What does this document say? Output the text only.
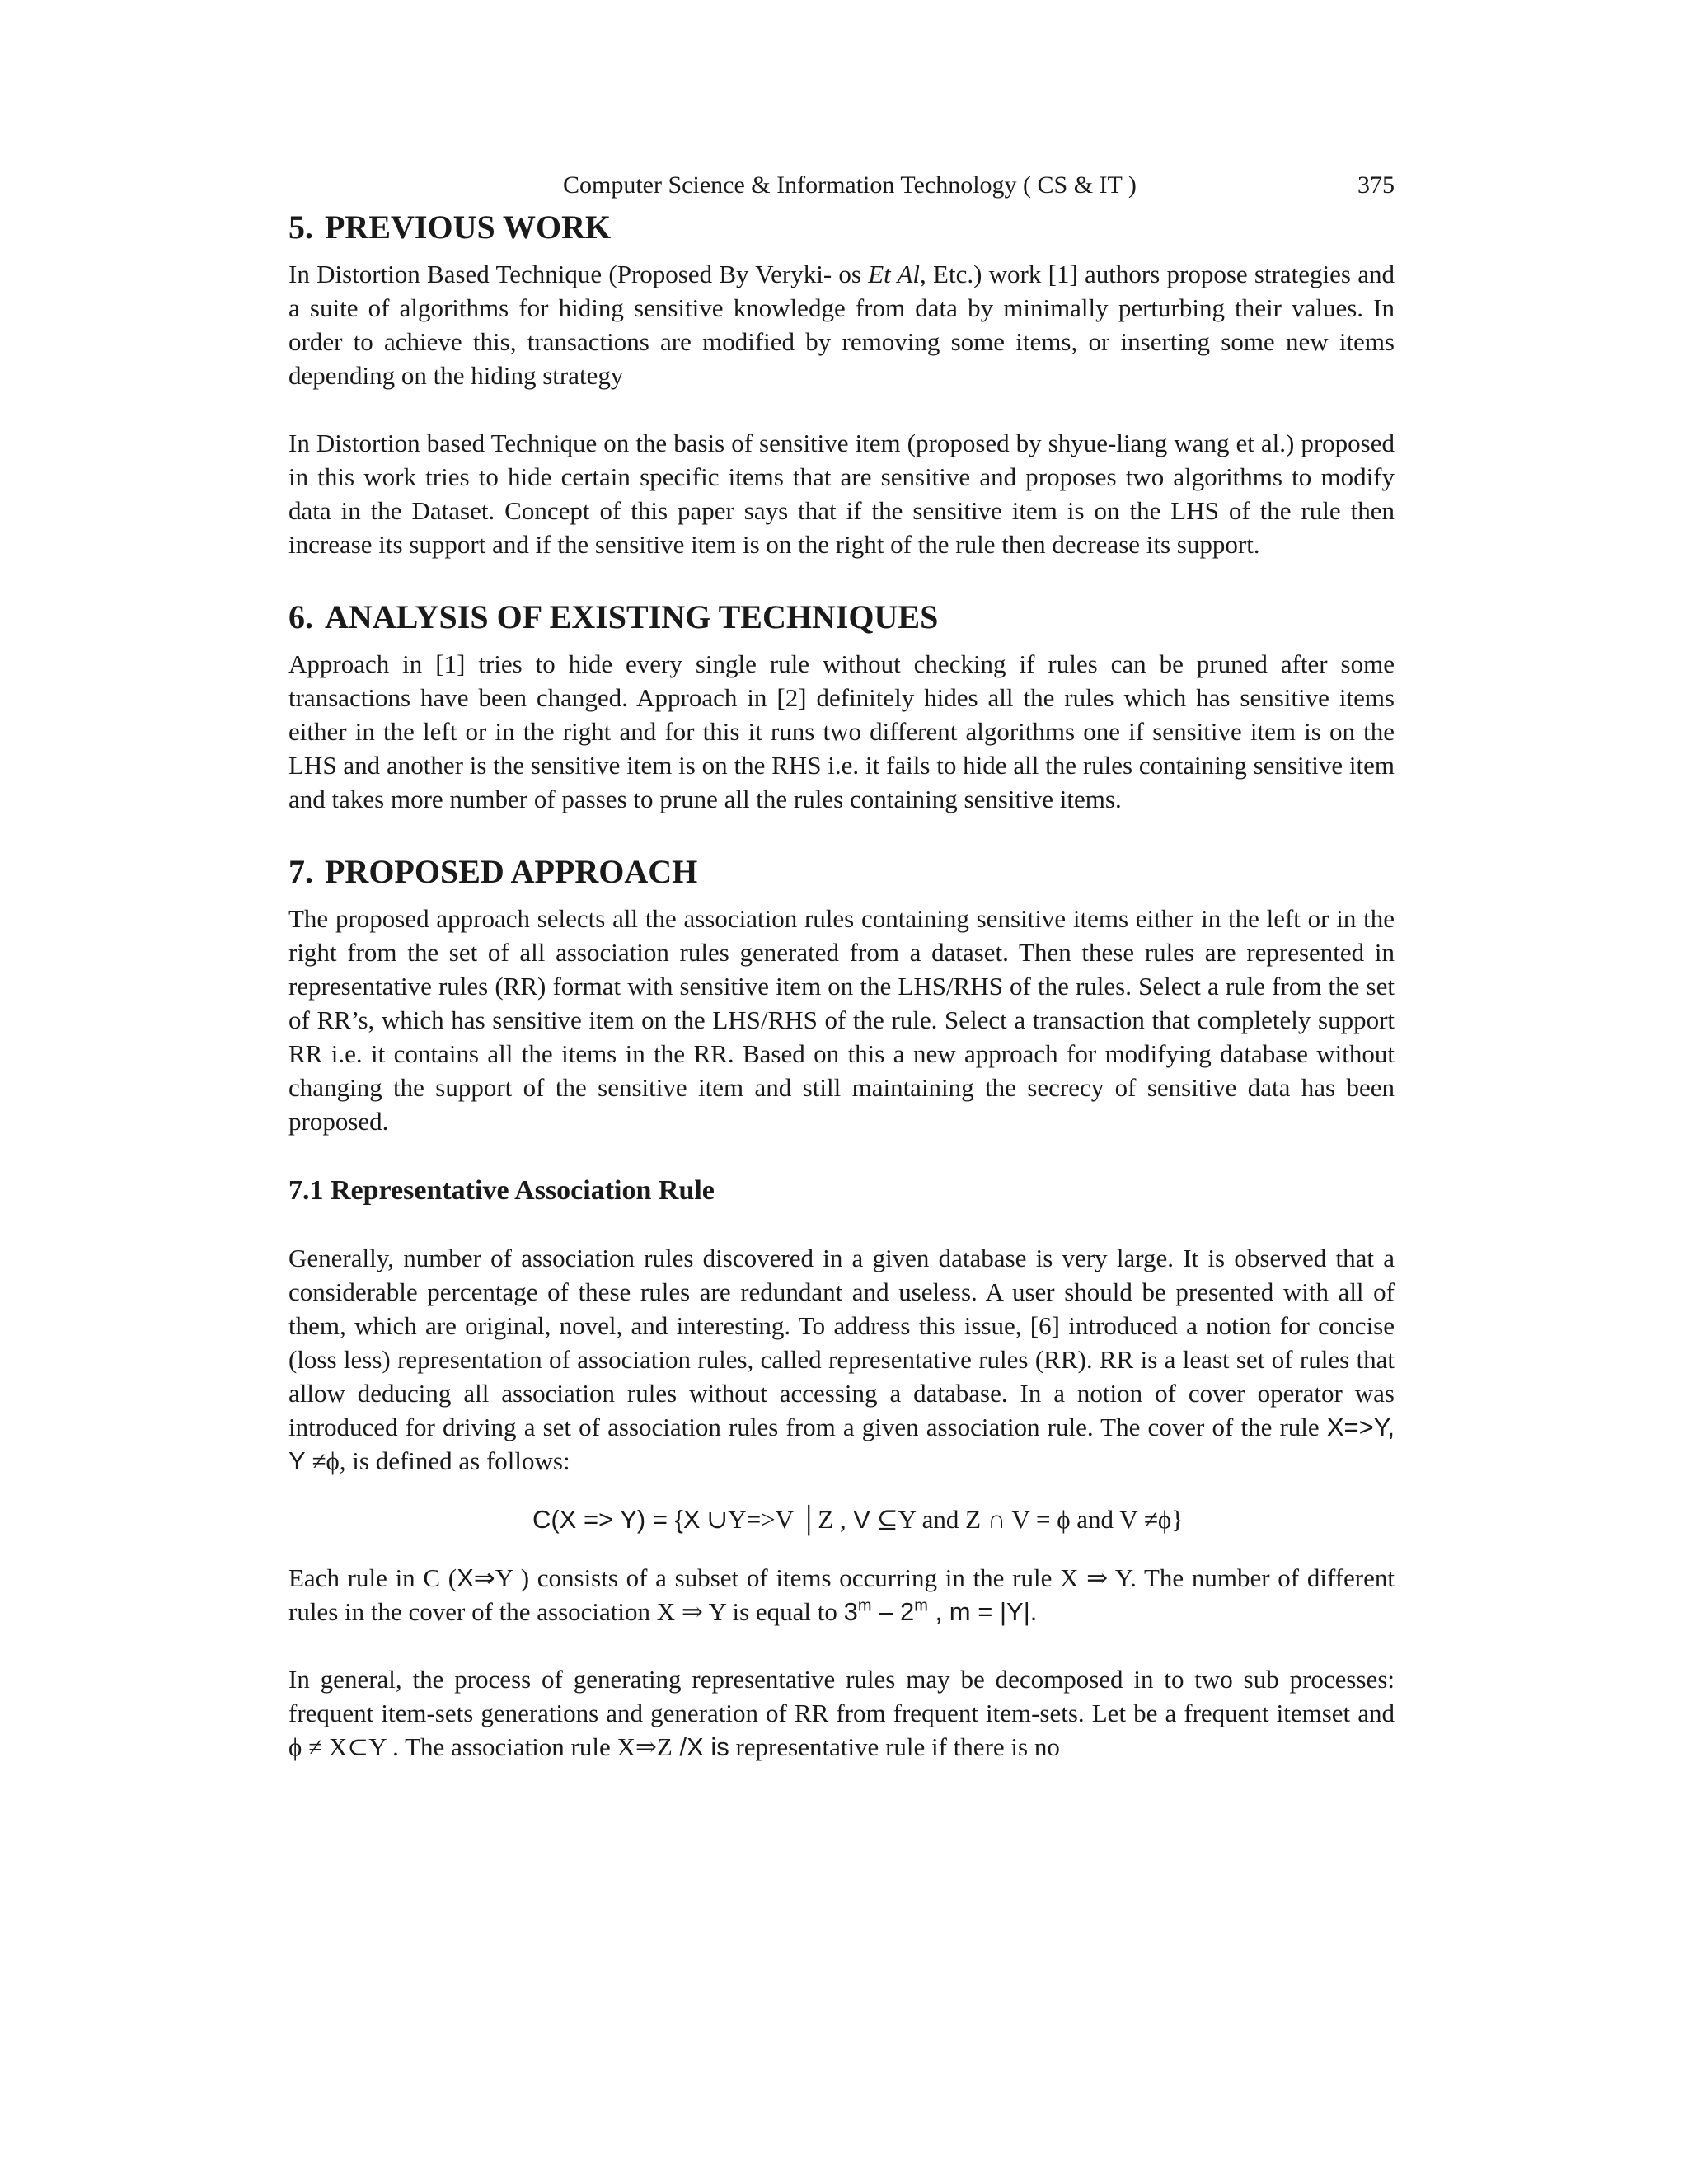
Computer Science & Information Technology ( CS & IT )	375
5. PREVIOUS WORK

In Distortion Based Technique (Proposed By Veryki- os Et Al, Etc.) work [1] authors propose strategies and a suite of algorithms for hiding sensitive knowledge from data by minimally perturbing their values. In order to achieve this, transactions are modified by removing some items, or inserting some new items depending on the hiding strategy

In Distortion based Technique on the basis of sensitive item (proposed by shyue-liang wang et al.) proposed in this work tries to hide certain specific items that are sensitive and proposes two algorithms to modify data in the Dataset. Concept of this paper says that if the sensitive item is on the LHS of the rule then increase its support and if the sensitive item is on the right of the rule then decrease its support.

6. ANALYSIS OF EXISTING TECHNIQUES

Approach in [1] tries to hide every single rule without checking if rules can be pruned after some transactions have been changed. Approach in [2] definitely hides all the rules which has sensitive items either in the left or in the right and for this it runs two different algorithms one if sensitive item is on the LHS and another is the sensitive item is on the RHS i.e. it fails to hide all the rules containing sensitive item and takes more number of passes to prune all the rules containing sensitive items.

7. PROPOSED APPROACH

The proposed approach selects all the association rules containing sensitive items either in the left or in the right from the set of all association rules generated from a dataset. Then these rules are represented in representative rules (RR) format with sensitive item on the LHS/RHS of the rules. Select a rule from the set of RR’s, which has sensitive item on the LHS/RHS of the rule. Select a transaction that completely support RR i.e. it contains all the items in the RR. Based on this a new approach for modifying database without changing the support of the sensitive item and still maintaining the secrecy of sensitive data has been proposed.

7.1 Representative Association Rule

Generally, number of association rules discovered in a given database is very large. It is observed that a considerable percentage of these rules are redundant and useless. A user should be presented with all of them, which are original, novel, and interesting. To address this issue, [6] introduced a notion for concise (loss less) representation of association rules, called representative rules (RR). RR is a least set of rules that allow deducing all association rules without accessing a database. In a notion of cover operator was introduced for driving a set of association rules from a given association rule. The cover of the rule X=>Y, Y ≠ϕ, is defined as follows:

C(X => Y) = {X ∪Y=>V │Z , V ⊆Y and Z ∩ V = ϕ and V ≠ϕ}

Each rule in C (X⇒Y ) consists of a subset of items occurring in the rule X ⇒ Y. The number of different rules in the cover of the association X ⇒ Y is equal to 3$^m$ – 2$^m$ , m = |Y|.

In general, the process of generating representative rules may be decomposed in to two sub processes: frequent item-sets generations and generation of RR from frequent item-sets. Let be a frequent itemset and ϕ ≠ X⊂Y . The association rule X⇒Z /X is representative rule if there is no
